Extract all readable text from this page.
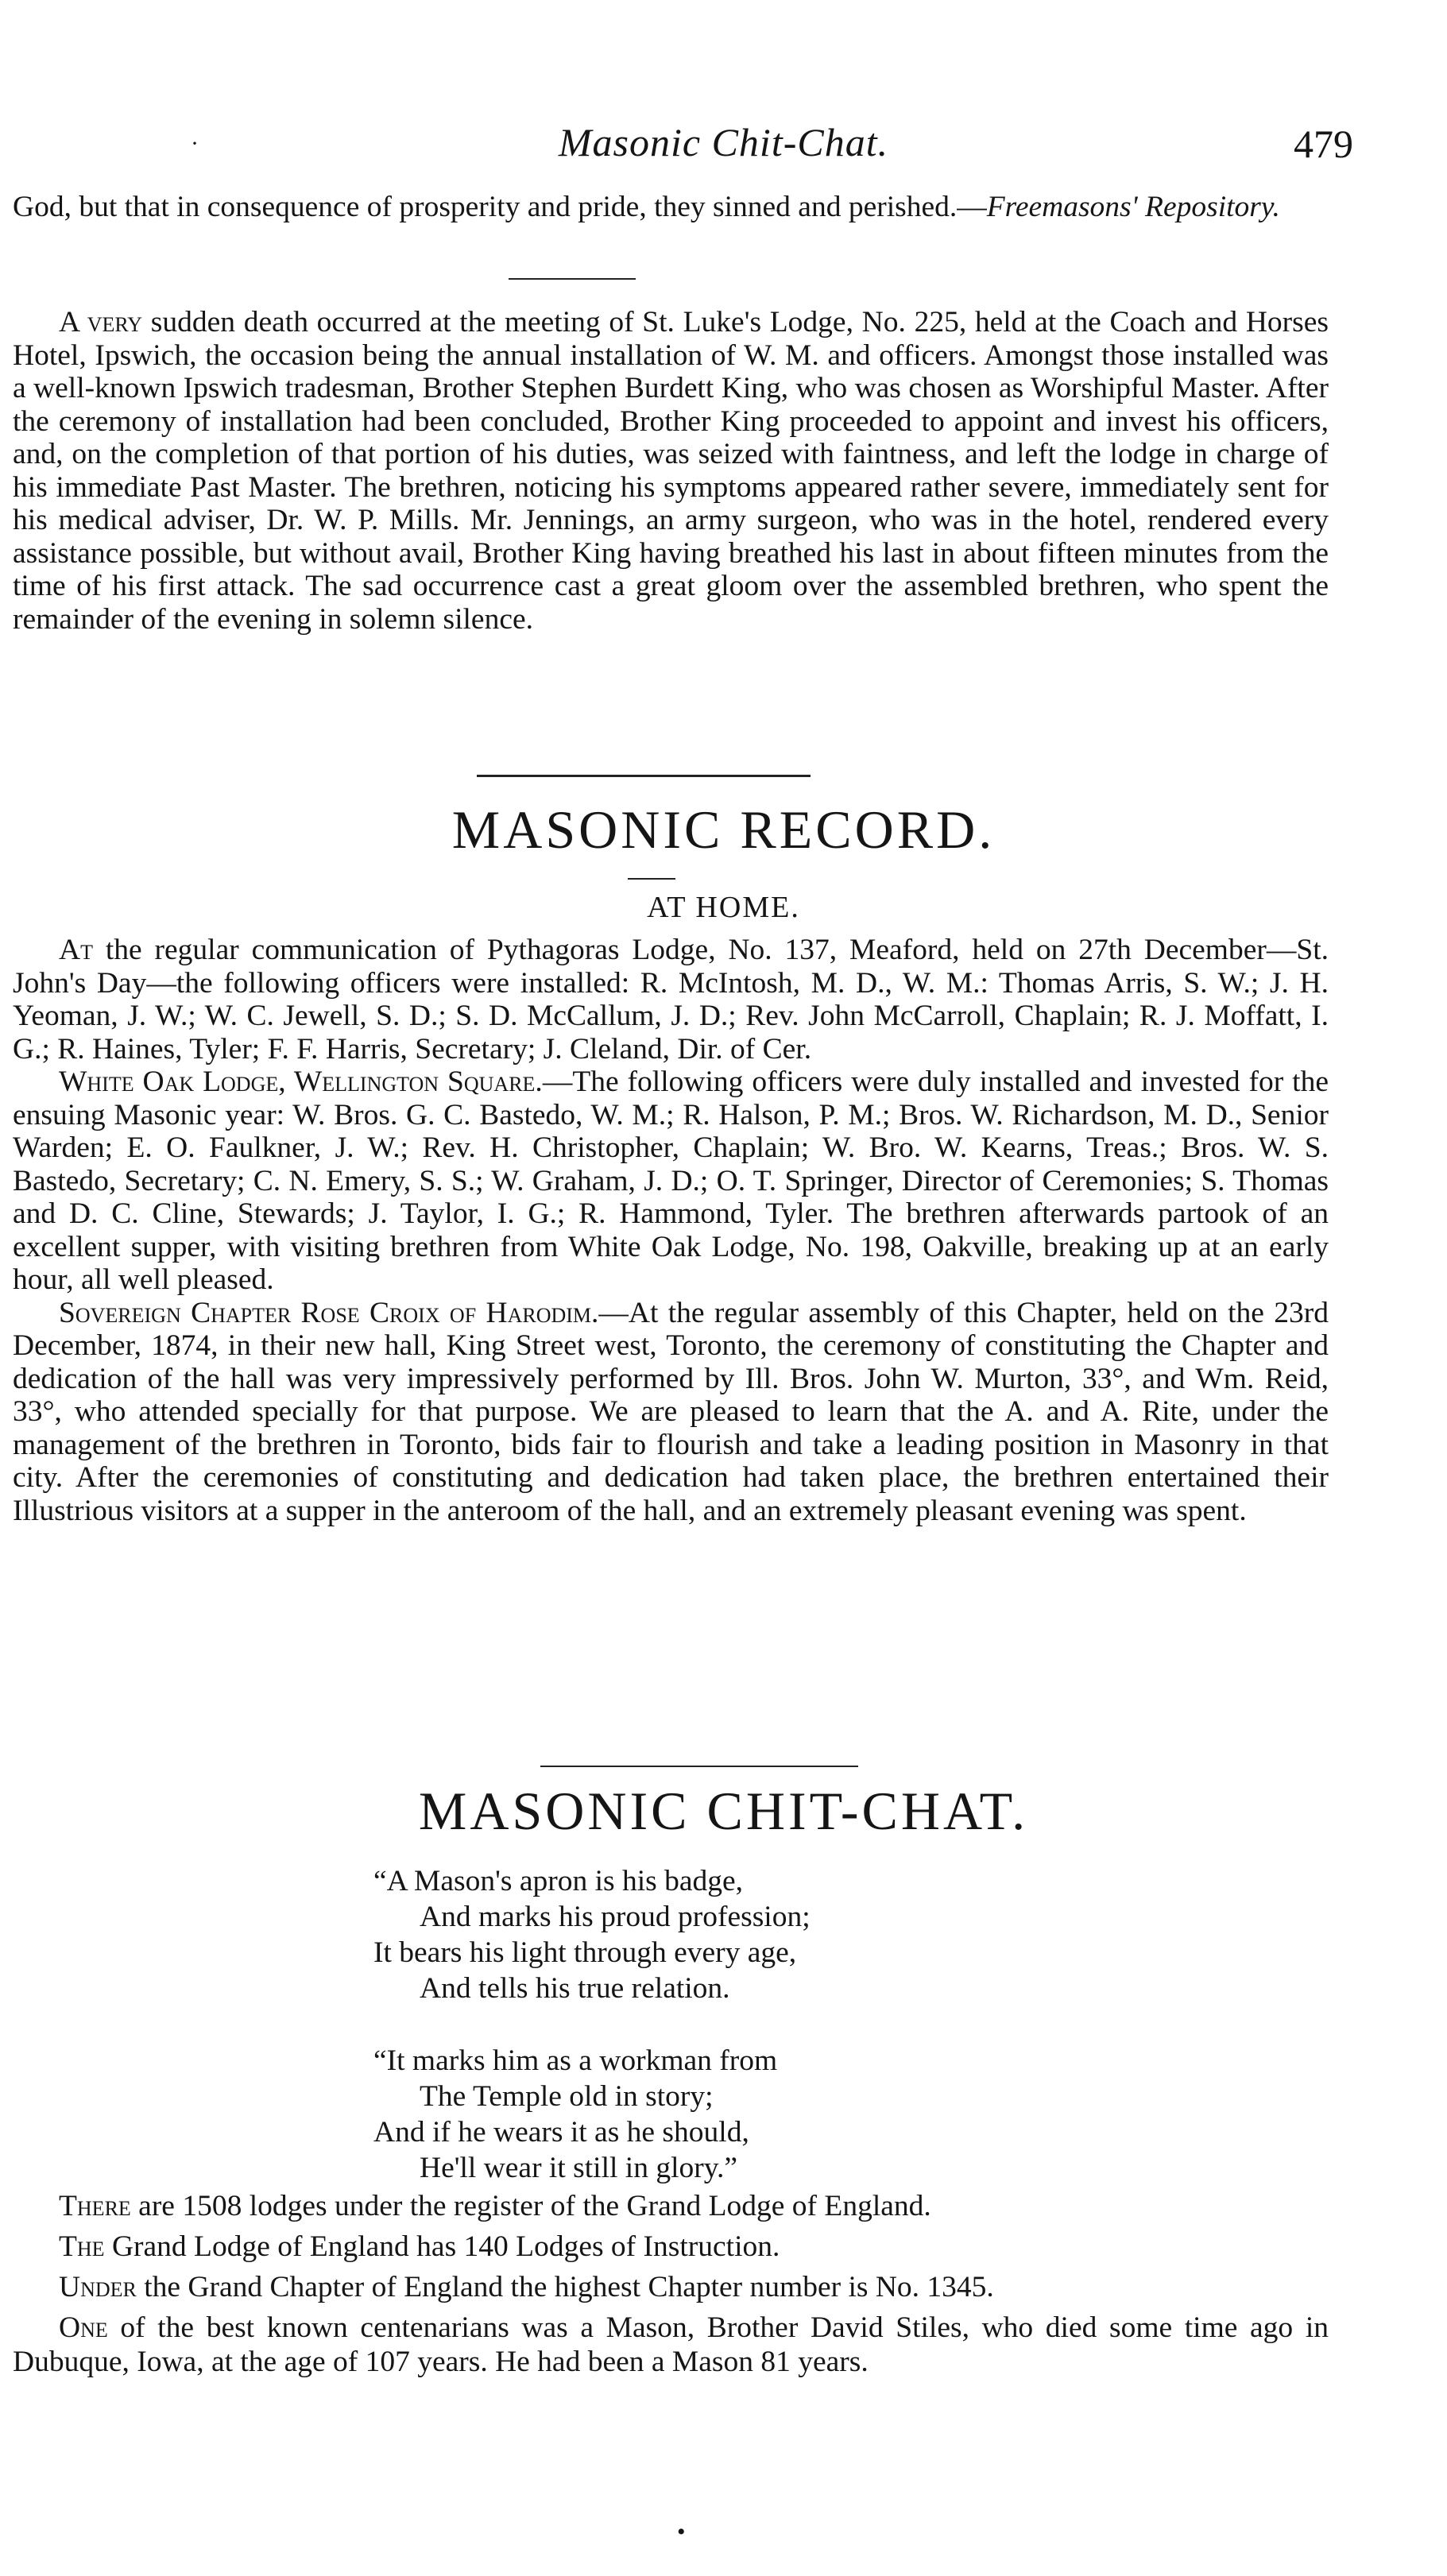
·	Masonic Chit-Chat.	479

God, but that in consequence of prosperity and pride, they sinned and perished.—Freemasons' Repository.

A very sudden death occurred at the meeting of St. Luke's Lodge, No. 225, held at the Coach and Horses Hotel, Ipswich, the occasion being the annual installation of W. M. and officers. Amongst those installed was a well-known Ipswich tradesman, Brother Stephen Burdett King, who was chosen as Worshipful Master. After the ceremony of installation had been concluded, Brother King proceeded to appoint and invest his officers, and, on the completion of that portion of his duties, was seized with faintness, and left the lodge in charge of his immediate Past Master. The brethren, noticing his symptoms appeared rather severe, immediately sent for his medical adviser, Dr. W. P. Mills. Mr. Jennings, an army surgeon, who was in the hotel, rendered every assistance possible, but without avail, Brother King having breathed his last in about fifteen minutes from the time of his first attack. The sad occurrence cast a great gloom over the assembled brethren, who spent the remainder of the evening in solemn silence.

MASONIC RECORD.
AT HOME.

At the regular communication of Pythagoras Lodge, No. 137, Meaford, held on 27th December—St. John's Day—the following officers were installed: R. McIntosh, M. D., W. M.: Thomas Arris, S. W.; J. H. Yeoman, J. W.; W. C. Jewell, S. D.; S. D. McCallum, J. D.; Rev. John McCarroll, Chaplain; R. J. Moffatt, I. G.; R. Haines, Tyler; F. F. Harris, Secretary; J. Cleland, Dir. of Cer.

White Oak Lodge, Wellington Square.—The following officers were duly installed and invested for the ensuing Masonic year: W. Bros. G. C. Bastedo, W. M.; R. Halson, P. M.; Bros. W. Richardson, M. D., Senior Warden; E. O. Faulkner, J. W.; Rev. H. Christopher, Chaplain; W. Bro. W. Kearns, Treas.; Bros. W. S. Bastedo, Secretary; C. N. Emery, S. S.; W. Graham, J. D.; O. T. Springer, Director of Ceremonies; S. Thomas and D. C. Cline, Stewards; J. Taylor, I. G.; R. Hammond, Tyler. The brethren afterwards partook of an excellent supper, with visiting brethren from White Oak Lodge, No. 198, Oakville, breaking up at an early hour, all well pleased.

Sovereign Chapter Rose Croix of Harodim.—At the regular assembly of this Chapter, held on the 23rd December, 1874, in their new hall, King Street west, Toronto, the ceremony of constituting the Chapter and dedication of the hall was very impressively performed by Ill. Bros. John W. Murton, 33°, and Wm. Reid, 33°, who attended specially for that purpose. We are pleased to learn that the A. and A. Rite, under the management of the brethren in Toronto, bids fair to flourish and take a leading position in Masonry in that city. After the ceremonies of constituting and dedication had taken place, the brethren entertained their Illustrious visitors at a supper in the anteroom of the hall, and an extremely pleasant evening was spent.

MASONIC CHIT-CHAT.
“A Mason's apron is his badge,
And marks his proud profession;
It bears his light through every age,
And tells his true relation.
“It marks him as a workman from
The Temple old in story;
And if he wears it as he should,
He'll wear it still in glory.”

There are 1508 lodges under the register of the Grand Lodge of England.

The Grand Lodge of England has 140 Lodges of Instruction.

Under the Grand Chapter of England the highest Chapter number is No. 1345.

One of the best known centenarians was a Mason, Brother David Stiles, who died some time ago in Dubuque, Iowa, at the age of 107 years. He had been a Mason 81 years.

•
